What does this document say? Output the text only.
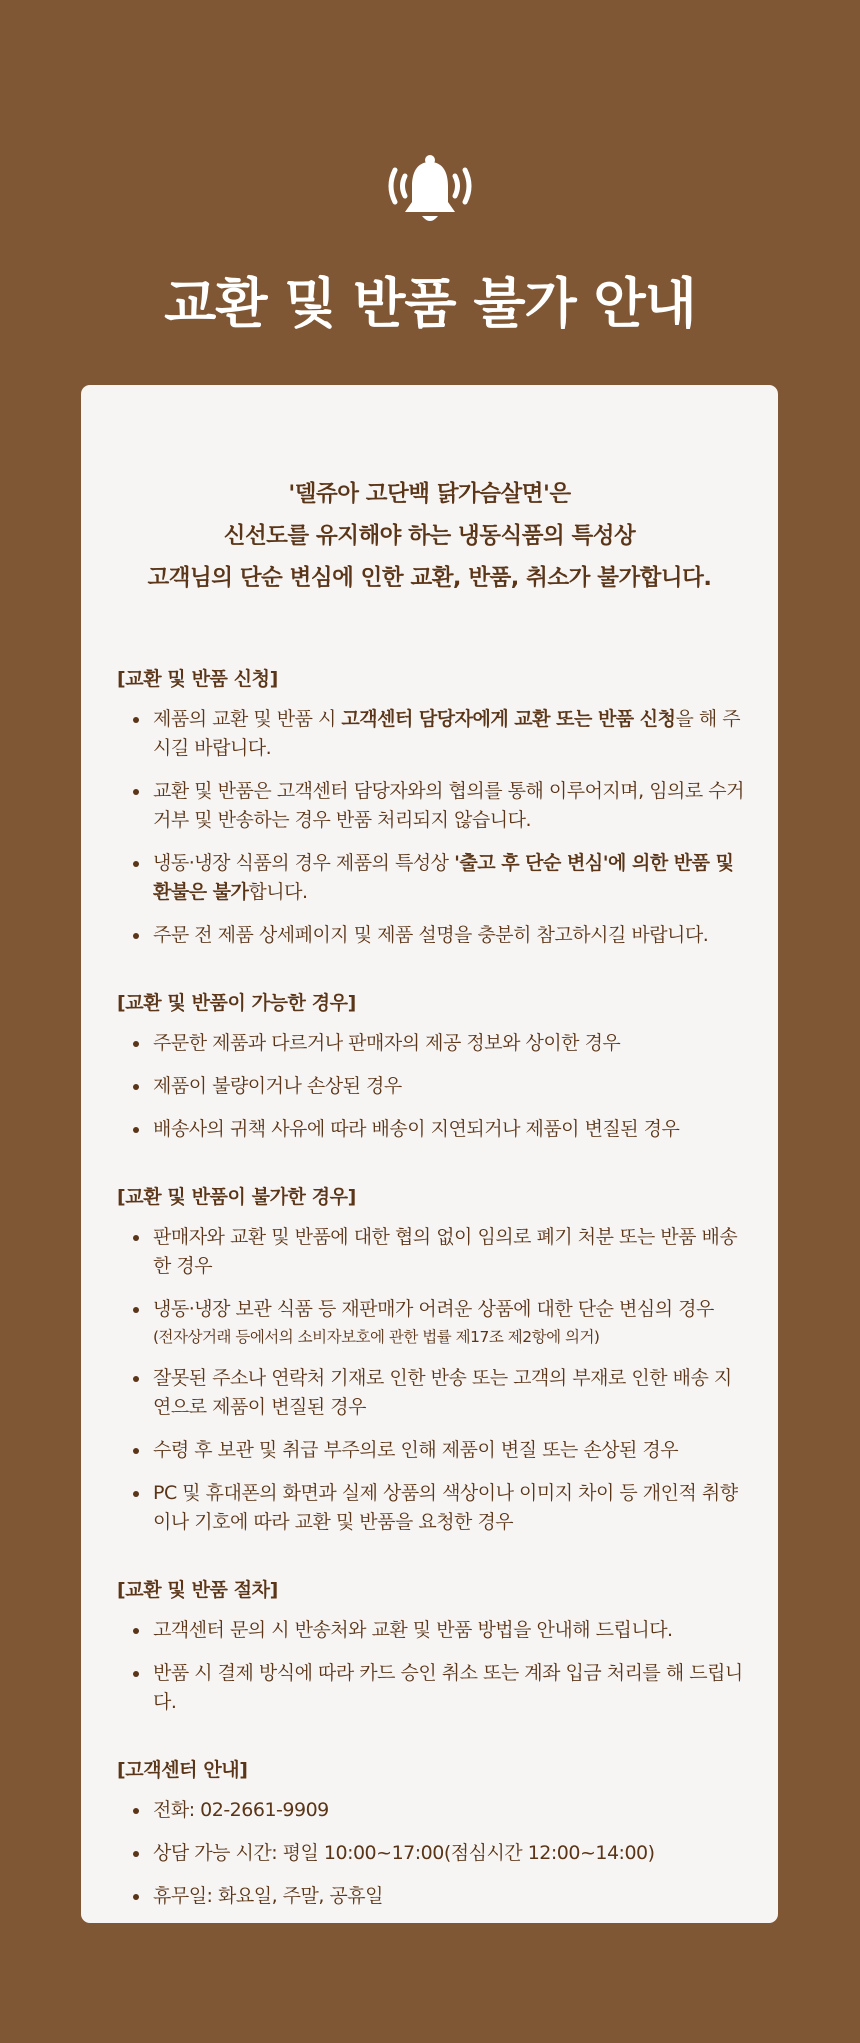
교환 및 반품 불가 안내
'델쥬아 고단백 닭가슴살면'은
신선도를 유지해야 하는 냉동식품의 특성상
고객님의 단순 변심에 인한 교환, 반품, 취소가 불가합니다.
[교환 및 반품 신청]
제품의 교환 및 반품 시 고객센터 담당자에게 교환 또는 반품 신청을 해 주시길 바랍니다.
교환 및 반품은 고객센터 담당자와의 협의를 통해 이루어지며, 임의로 수거 거부 및 반송하는 경우 반품 처리되지 않습니다.
냉동·냉장 식품의 경우 제품의 특성상 '출고 후 단순 변심'에 의한 반품 및 환불은 불가합니다.
주문 전 제품 상세페이지 및 제품 설명을 충분히 참고하시길 바랍니다.
[교환 및 반품이 가능한 경우]
주문한 제품과 다르거나 판매자의 제공 정보와 상이한 경우
제품이 불량이거나 손상된 경우
배송사의 귀책 사유에 따라 배송이 지연되거나 제품이 변질된 경우
[교환 및 반품이 불가한 경우]
판매자와 교환 및 반품에 대한 협의 없이 임의로 폐기 처분 또는 반품 배송한 경우
냉동·냉장 보관 식품 등 재판매가 어려운 상품에 대한 단순 변심의 경우
(전자상거래 등에서의 소비자보호에 관한 법률 제17조 제2항에 의거)
잘못된 주소나 연락처 기재로 인한 반송 또는 고객의 부재로 인한 배송 지연으로 제품이 변질된 경우
수령 후 보관 및 취급 부주의로 인해 제품이 변질 또는 손상된 경우
PC 및 휴대폰의 화면과 실제 상품의 색상이나 이미지 차이 등 개인적 취향이나 기호에 따라 교환 및 반품을 요청한 경우
[교환 및 반품 절차]
고객센터 문의 시 반송처와 교환 및 반품 방법을 안내해 드립니다.
반품 시 결제 방식에 따라 카드 승인 취소 또는 계좌 입금 처리를 해 드립니다.
[고객센터 안내]
전화: 02-2661-9909
상담 가능 시간: 평일 10:00~17:00(점심시간 12:00~14:00)
휴무일: 화요일, 주말, 공휴일
